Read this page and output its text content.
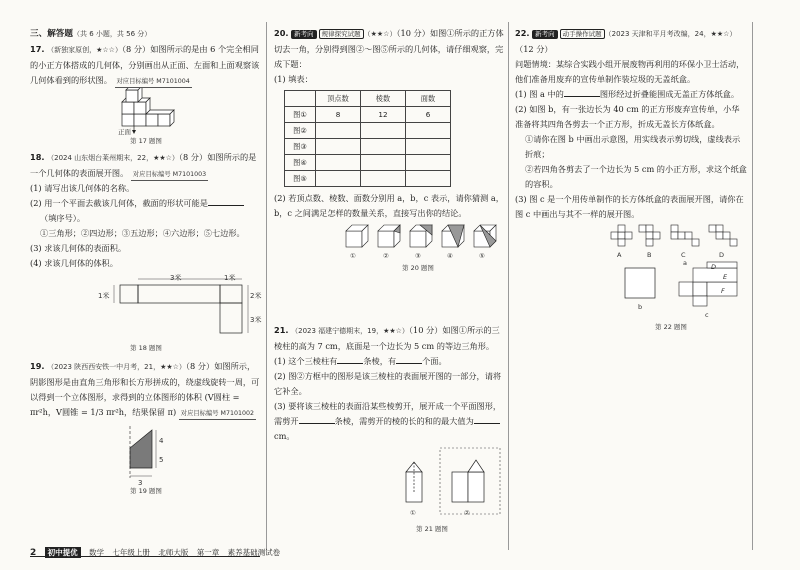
三、解答题（共 6 小题，共 56 分）
17. （新独家原创，★☆☆）（8 分）如图所示的是由 6 个完全相同的小正方体搭成的几何体，分别画出从正面、左面和上面观察该几何体看到的形状图。 对应目标编号 M7101004
正面
第 17 题图
18. （2024 山东烟台莱州期末，22，★★☆）（8 分）如图所示的是一个几何体的表面展开图。 对应目标编号 M7101003
(1) 请写出该几何体的名称。
(2) 用一个平面去截该几何体，截面的形状可能是
（填序号）。
①三角形；②四边形；③五边形；④六边形；⑤七边形。
(3) 求该几何体的表面积。
(4) 求该几何体的体积。
3米	1米
1米	2米
3米
第 18 题图
19. （2023 陕西西安铁一中月考，21，★★☆）（8 分）如图所示，阴影图形是由直角三角形和长方形拼成的，绕虚线旋转一周，可以得到一个立体图形，求得到的立体图形的体积 (V圆柱 = πr²h，V圆锥 = 1/3 πr²h，结果保留 π) 对应目标编号 M7101002
4
5
3
第 19 题图
20. 新考向 规律探究试题 （★★☆）（10 分）如图①所示的正方体切去一角，分别得到图②～图⑤所示的几何体，请仔细观察，完成下题：
(1) 填表：
	顶点数	棱数	面数
图①	8	12	6
图②			
图③			
图④			
图⑤			
(2) 若顶点数、棱数、面数分别用 a，b，c 表示，请你猜测 a，b，c 之间满足怎样的数量关系，直接写出你的结论。
①	②	③	④	⑤
第 20 题图
21. （2023 福建宁德期末，19，★★☆）（10 分）如图①所示的三棱柱的高为 7 cm，底面是一个边长为 5 cm 的等边三角形。
(1) 这个三棱柱有	条棱，有	个面。
(2) 图②方框中的图形是该三棱柱的表面展开图的一部分，请将它补全。
(3) 要将该三棱柱的表面沿某些棱剪开，展开成一个平面图形，需剪开	条棱，需剪开的棱的长的和的最大值为cm。
①	②
第 21 题图
22. 新考向 动手操作试题 （2023 天津和平月考改编，24，★★☆）（12 分）
问题情境：某综合实践小组开展废物再利用的环保小卫士活动，他们准备用废弃的宣传单制作装垃圾的无盖纸盒。
(1) 图 a 中的	图形经过折叠能围成无盖正方体纸盒。
(2) 如图 b，有一张边长为 40 cm 的正方形废弃宣传单，小华准备将其四角各剪去一个正方形，折成无盖长方体纸盒。
①请你在图 b 中画出示意图，用实线表示剪切线，虚线表示折痕；
②若四角各剪去了一个边长为 5 cm 的小正方形，求这个纸盒的容积。
(3) 图 c 是一个用传单制作的长方体纸盒的表面展开图，请你在图 c 中画出与其不一样的展开图。
A	B	C	D
a
b
c
D
E
F
第 22 题图
2 初中提优 数学 七年级上册 北师大版 第一章 素养基础测试卷
